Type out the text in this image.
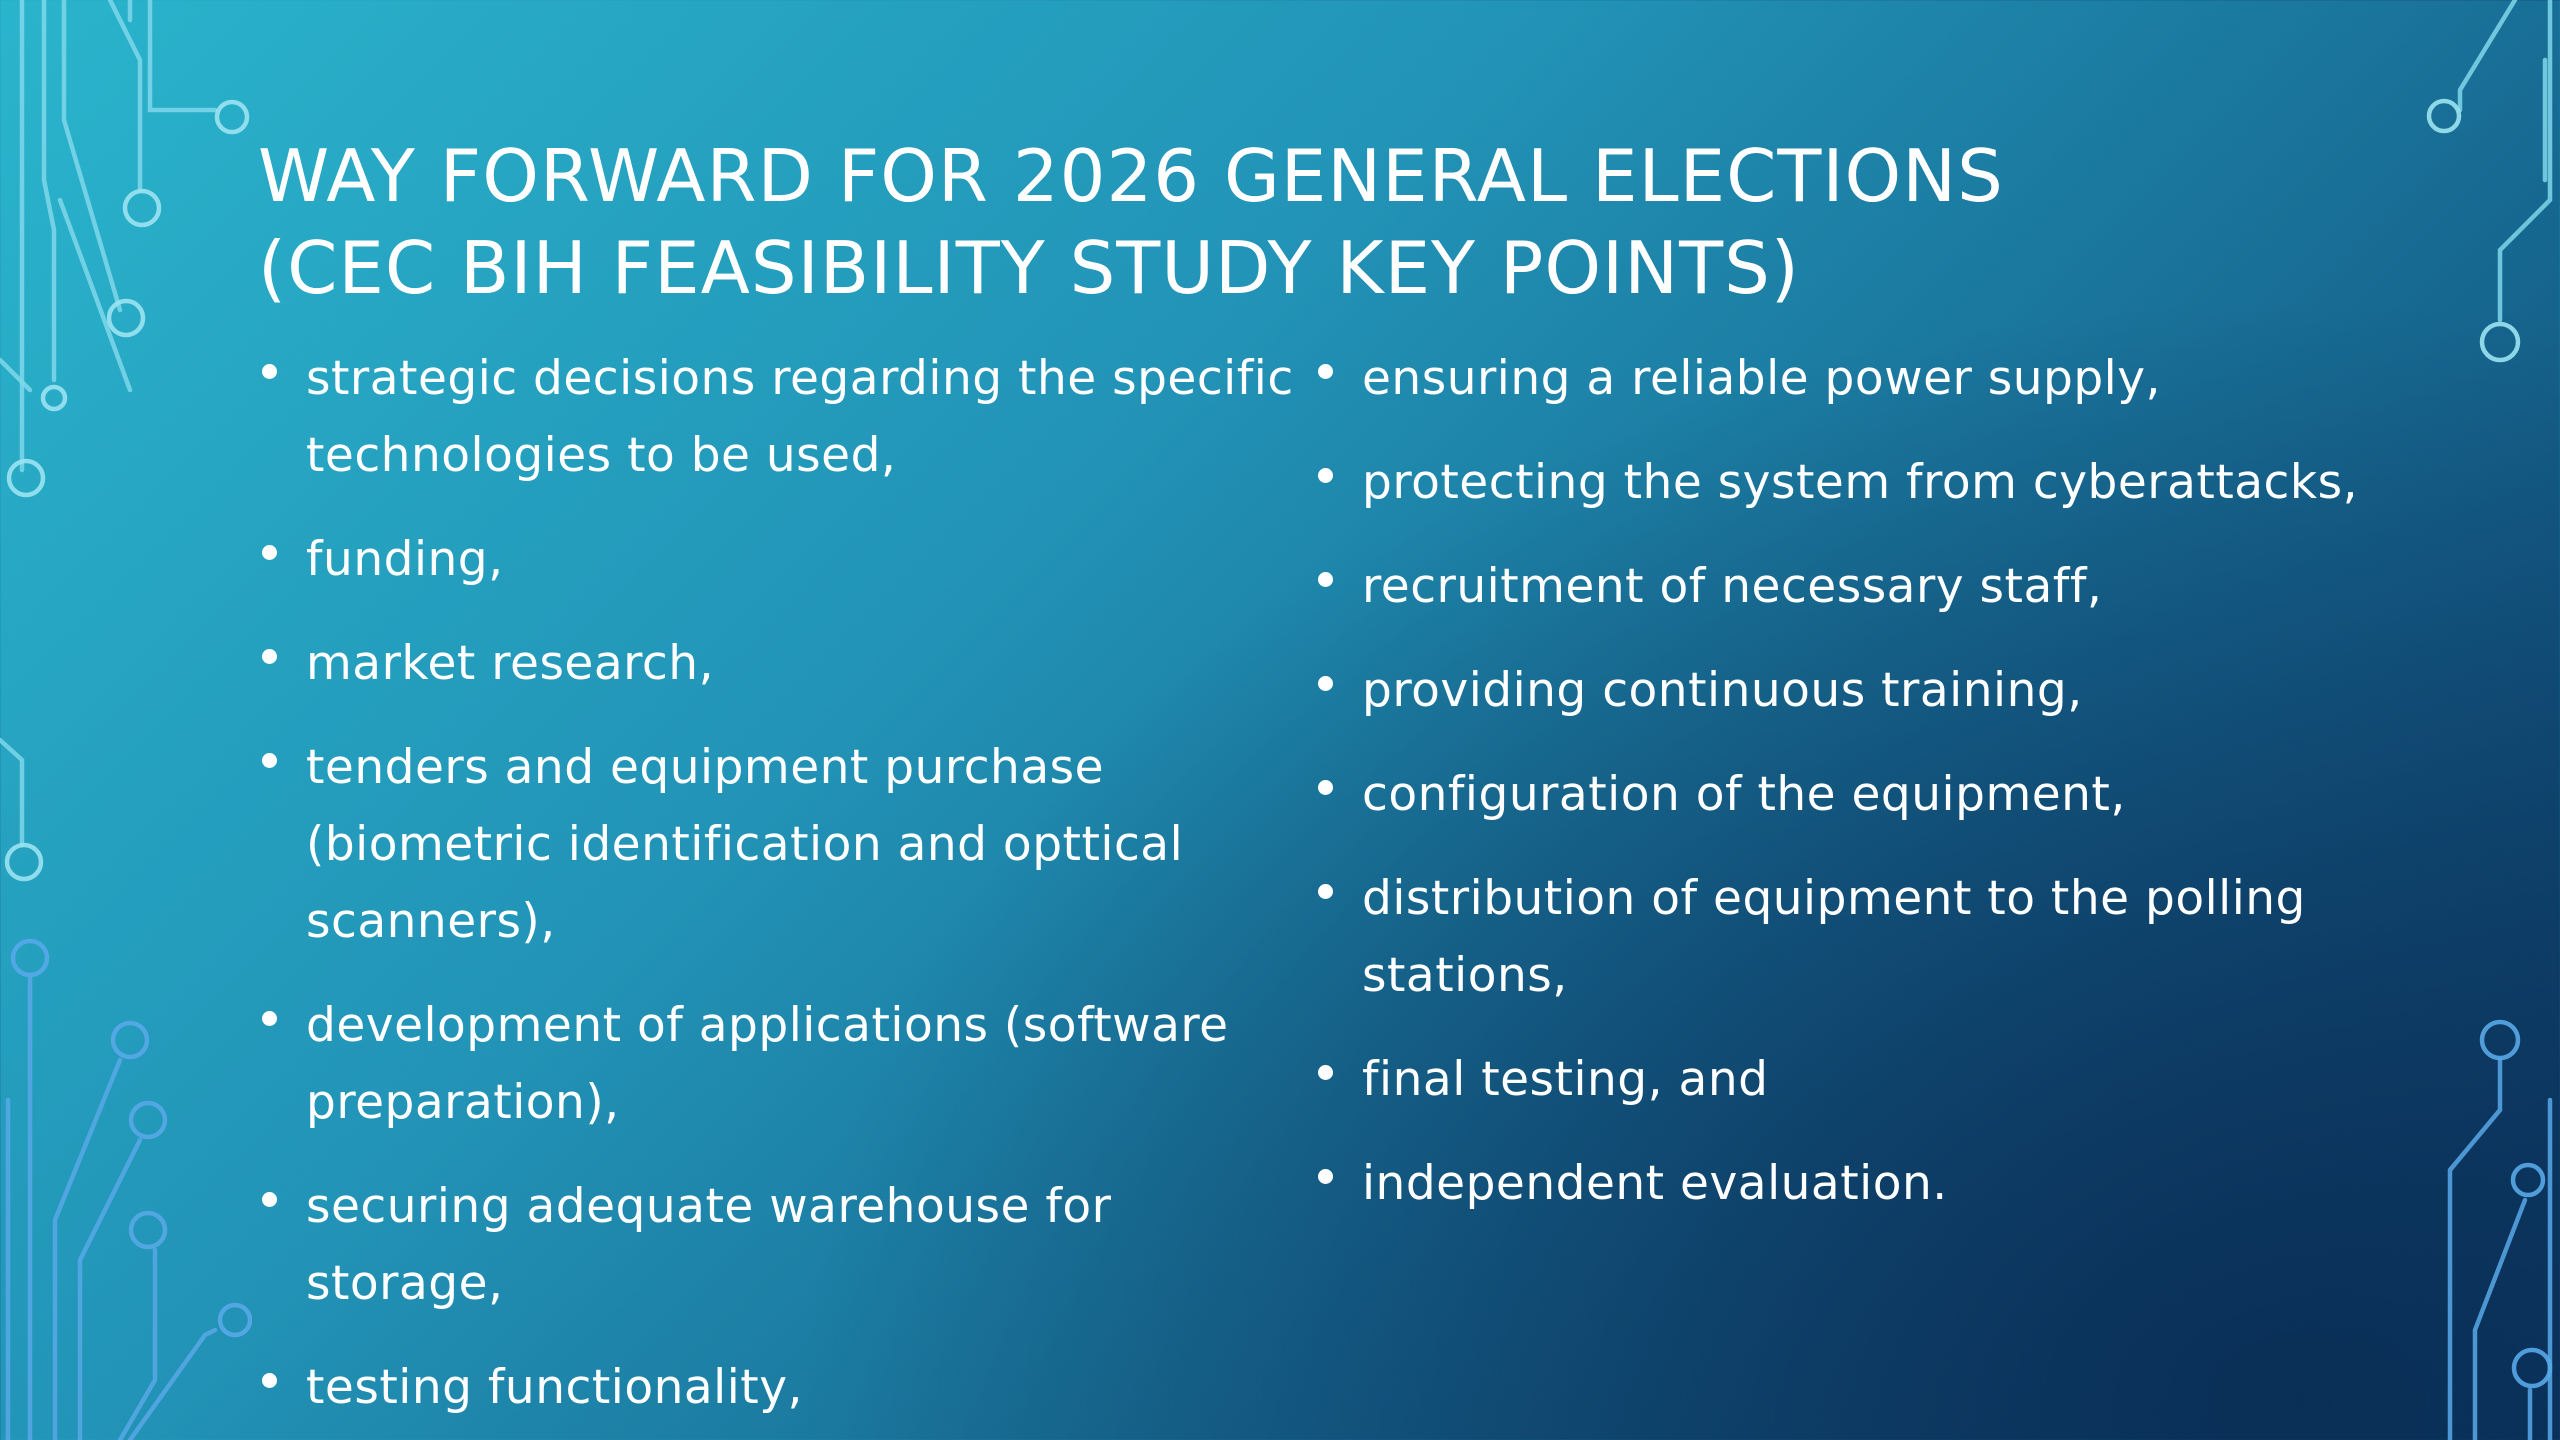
WAY FORWARD FOR 2026 GENERAL ELECTIONS
(CEC BIH FEASIBILITY STUDY KEY POINTS)
strategic decisions regarding the specific technologies to be used,
funding,
market research,
tenders and equipment purchase (biometric identification and opttical scanners),
development of applications (software preparation),
securing adequate warehouse for storage,
testing functionality,
ensuring a reliable power supply,
protecting the system from cyberattacks,
recruitment of necessary staff,
providing continuous training,
configuration of the equipment,
distribution of equipment to the polling stations,
final testing, and
independent evaluation.
